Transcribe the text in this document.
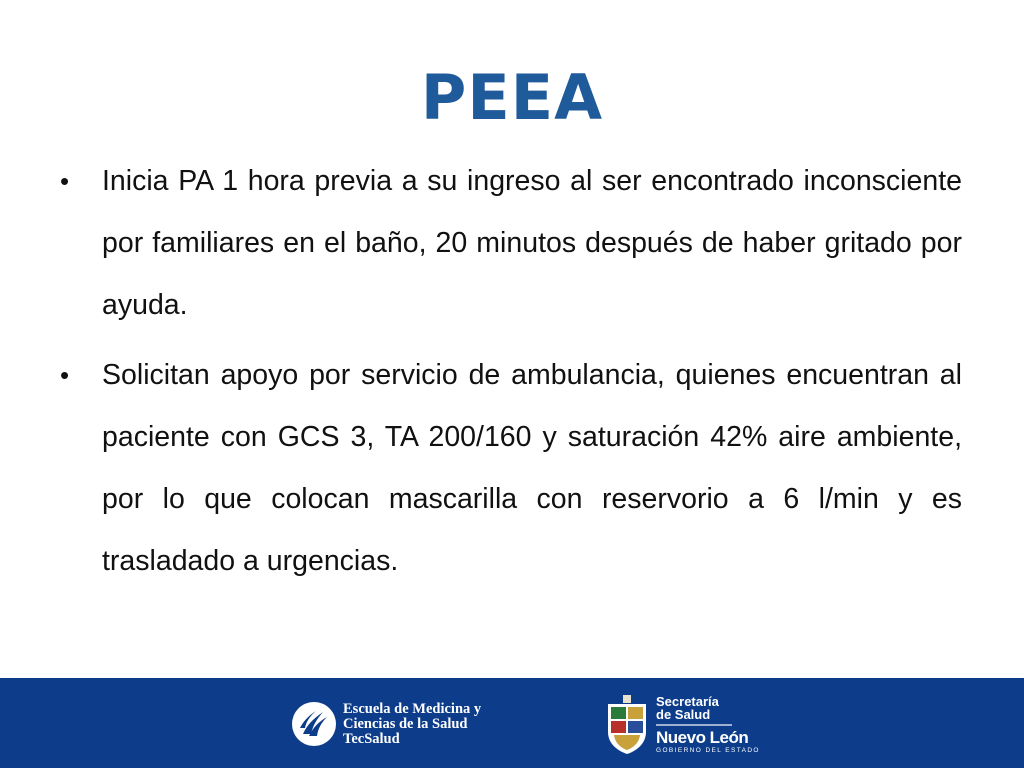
PEEA
• Inicia PA 1 hora previa a su ingreso al ser encontrado inconsciente por familiares en el baño, 20 minutos después de haber gritado por ayuda.
• Solicitan apoyo por servicio de ambulancia, quienes encuentran al paciente con GCS 3, TA 200/160 y saturación 42% aire ambiente, por lo que colocan mascarilla con reservorio a 6 l/min y es trasladado a urgencias.
Escuela de Medicina y
Ciencias de la Salud
TecSalud
Secretaría
de Salud
Nuevo León
GOBIERNO DEL ESTADO
